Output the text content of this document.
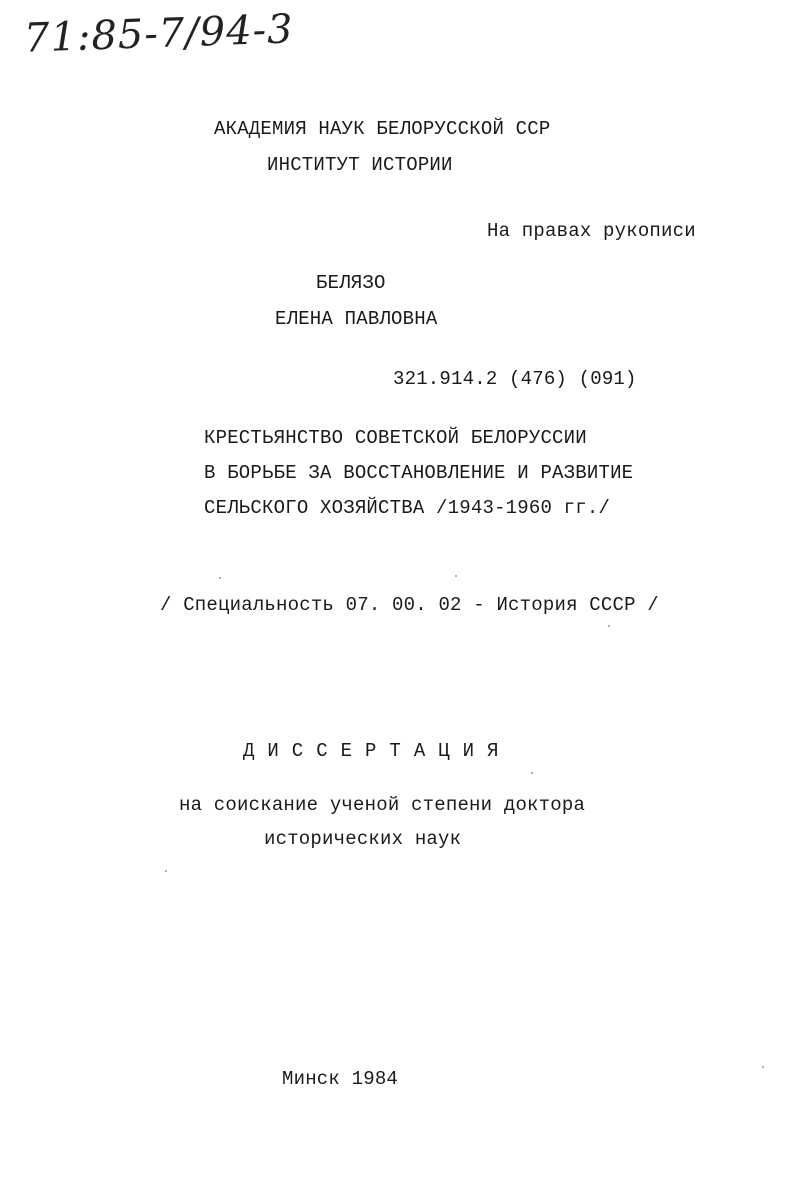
71:85-7/94-3
АКАДЕМИЯ НАУК БЕЛОРУССКОЙ ССР
ИНСТИТУТ ИСТОРИИ
На правах рукописи
БЕЛЯЗО
ЕЛЕНА ПАВЛОВНА
321.914.2 (476) (091)
КРЕСТЬЯНСТВО СОВЕТСКОЙ БЕЛОРУССИИ
В БОРЬБЕ ЗА ВОССТАНОВЛЕНИЕ И РАЗВИТИЕ
СЕЛЬСКОГО ХОЗЯЙСТВА /1943-1960 гг./
/ Специальность 07. 00. 02 - История СССР /
ДИССЕРТАЦИЯ
на соискание ученой степени доктора
исторических наук
Минск 1984
